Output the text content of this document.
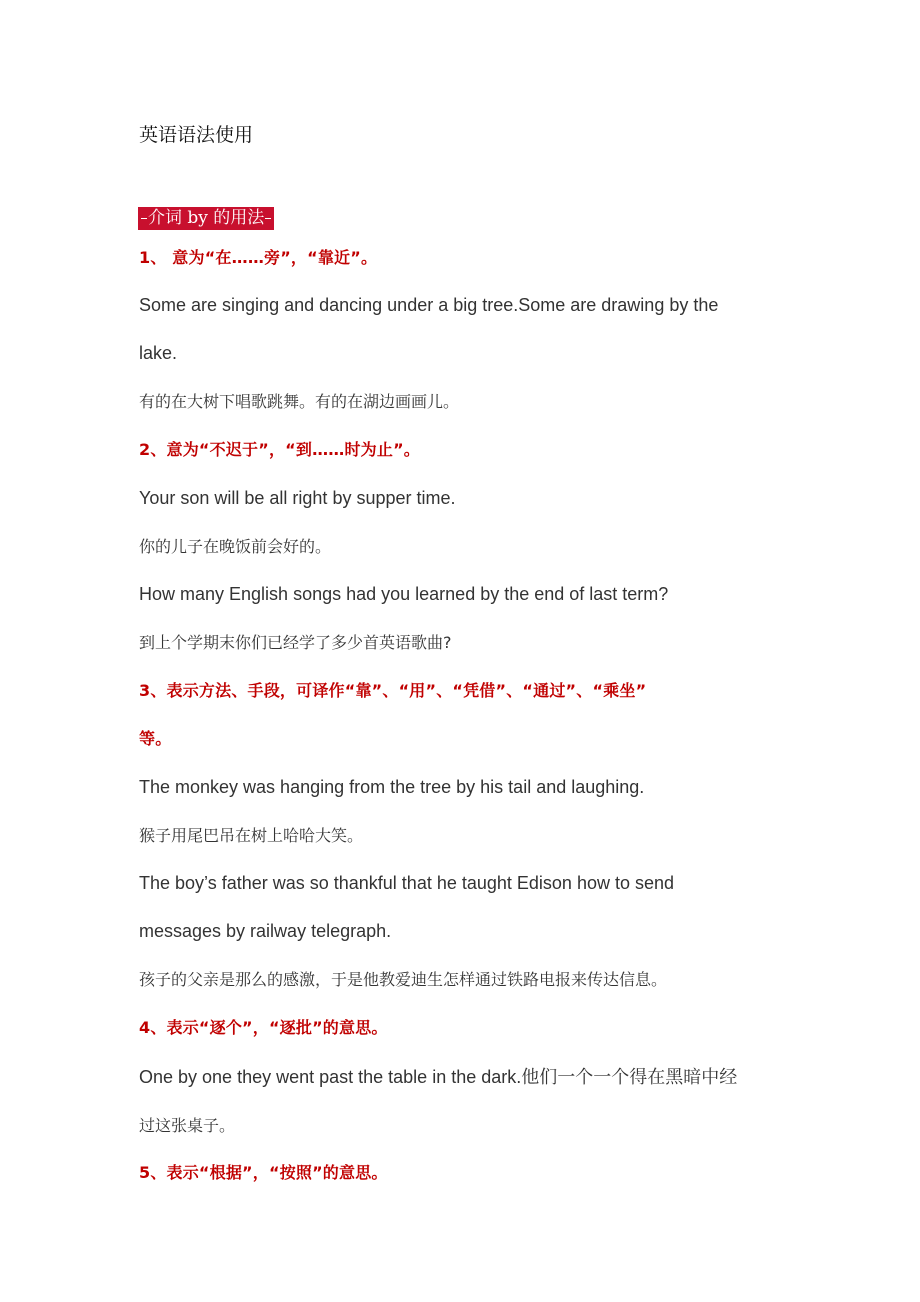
英语语法使用
介词 by 的用法
1、 意为“在……旁”，“靠近”。
Some are singing and dancing under a big tree.Some are drawing by the
lake.
有的在大树下唱歌跳舞。有的在湖边画画儿。
2、意为“不迟于”，“到……时为止”。
Your son will be all right by supper time.
你的儿子在晚饭前会好的。
How many English songs had you learned by the end of last term?
到上个学期末你们已经学了多少首英语歌曲?
3、表示方法、手段，可译作“靠”、“用”、“凭借”、“通过”、“乘坐”
等。
The monkey was hanging from the tree by his tail and laughing.
猴子用尾巴吊在树上哈哈大笑。
The boy’s father was so thankful that he taught Edison how to send
messages by railway telegraph.
孩子的父亲是那么的感激，于是他教爱迪生怎样通过铁路电报来传达信息。
4、表示“逐个”，“逐批”的意思。
One by one they went past the table in the dark.他们一个一个得在黑暗中经
过这张桌子。
5、表示“根据”，“按照”的意思。
